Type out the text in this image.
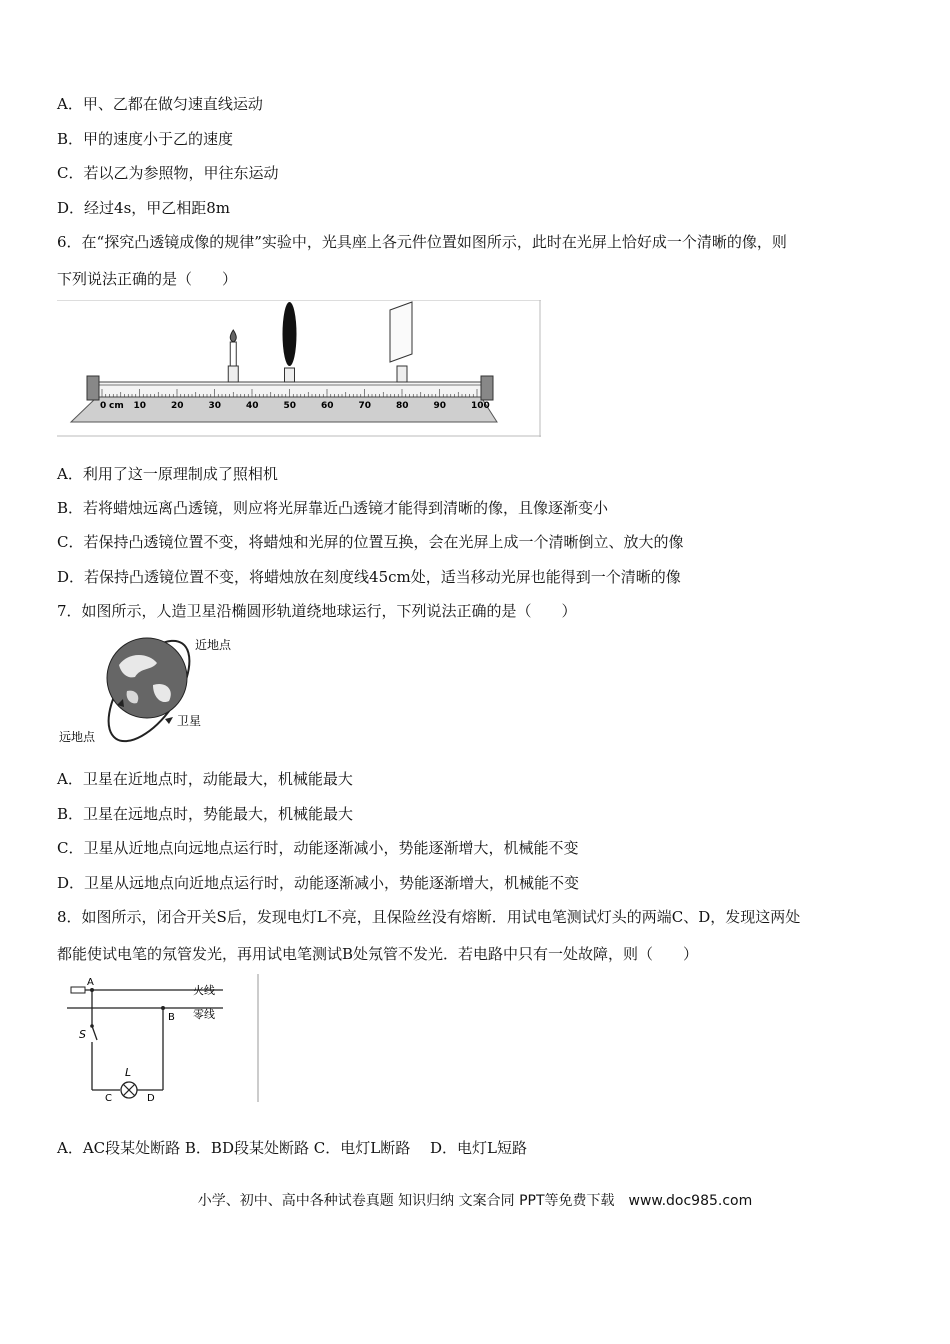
A．甲、乙都在做匀速直线运动
B．甲的速度小于乙的速度
C．若以乙为参照物，甲往东运动
D．经过4s，甲乙相距8m
6．在“探究凸透镜成像的规律”实验中，光具座上各元件位置如图所示，此时在光屏上恰好成一个清晰的像，则
下列说法正确的是（　　）
0	10	20	30	40	50	60	70	80	90	100
cm
A．利用了这一原理制成了照相机
B．若将蜡烛远离凸透镜，则应将光屏靠近凸透镜才能得到清晰的像，且像逐渐变小
C．若保持凸透镜位置不变，将蜡烛和光屏的位置互换，会在光屏上成一个清晰倒立、放大的像
D．若保持凸透镜位置不变，将蜡烛放在刻度线45cm处，适当移动光屏也能得到一个清晰的像
7．如图所示，人造卫星沿椭圆形轨道绕地球运行，下列说法正确的是（　　）
近地点
卫星
远地点
A．卫星在近地点时，动能最大，机械能最大
B．卫星在远地点时，势能最大，机械能最大
C．卫星从近地点向远地点运行时，动能逐渐减小，势能逐渐增大，机械能不变
D．卫星从远地点向近地点运行时，动能逐渐减小，势能逐渐增大，机械能不变
8．如图所示，闭合开关S后，发现电灯L不亮，且保险丝没有熔断．用试电笔测试灯头的两端C、D，发现这两处
都能使试电笔的氖管发光，再用试电笔测试B处氖管不发光．若电路中只有一处故障，则（　　）
A
火线
零线
S
L
C	D
B
A．AC段某处断路 B．BD段某处断路 C．电灯L断路　 D．电灯L短路
小学、初中、高中各种试卷真题 知识归纳 文案合同 PPT等免费下载　www.doc985.com
